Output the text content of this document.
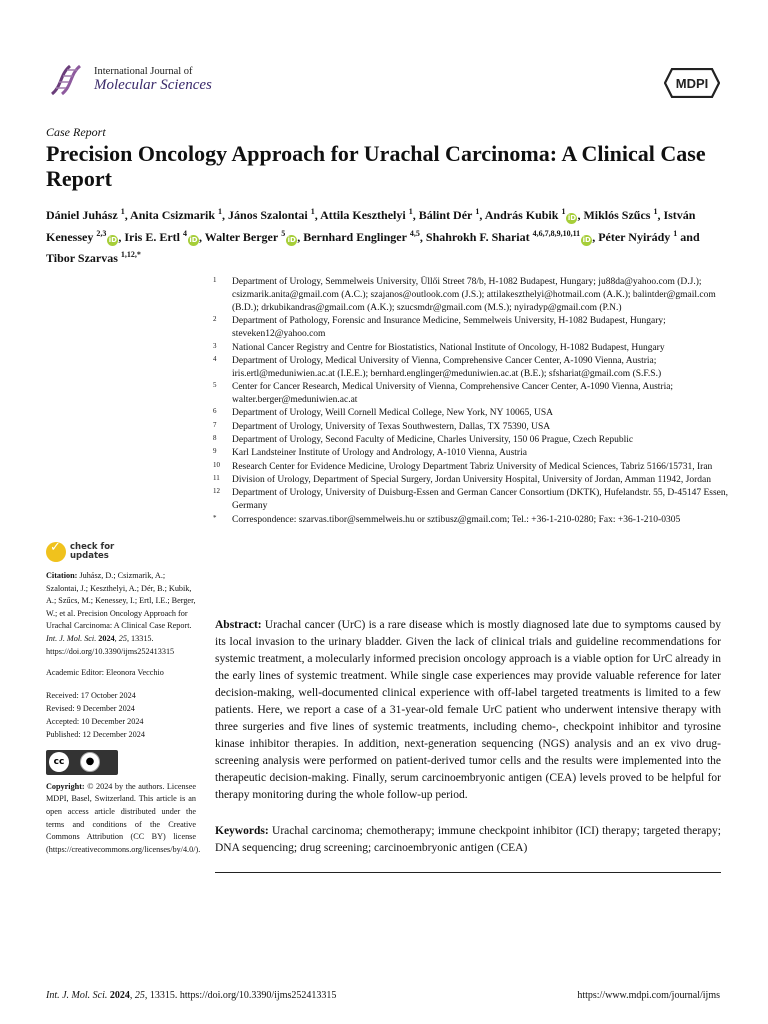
International Journal of
Molecular Sciences	MDPI
Case Report
Precision Oncology Approach for Urachal Carcinoma: A Clinical Case Report
Dániel Juhász $^1$, Anita Csizmarik $^1$, János Szalontai $^1$, Attila Keszthelyi $^1$, Bálint Dér $^1$, András Kubik $^1$iD, Miklós Szűcs $^1$, István Kenessey $^{2,3}$iD, Iris E. Ertl $^4$iD, Walter Berger $^5$iD, Bernhard Englinger $^{4,5}$, Shahrokh F. Shariat $^{4,6,7,8,9,10,11}$iD, Péter Nyirády $^1$ and Tibor Szarvas $^{1,12,*}$
1 Department of Urology, Semmelweis University, Üllői Street 78/b, H-1082 Budapest, Hungary; ju88da@yahoo.com (D.J.); csizmarik.anita@gmail.com (A.C.); szajanos@outlook.com (J.S.); attilakeszthelyi@hotmail.com (A.K.); balintder@gmail.com (B.D.); drkubikandras@gmail.com (A.K.); szucsmdr@gmail.com (M.S.); nyiradyp@gmail.com (P.N.)
2 Department of Pathology, Forensic and Insurance Medicine, Semmelweis University, H-1082 Budapest, Hungary; steveken12@yahoo.com
3 National Cancer Registry and Centre for Biostatistics, National Institute of Oncology, H-1082 Budapest, Hungary
4 Department of Urology, Medical University of Vienna, Comprehensive Cancer Center, A-1090 Vienna, Austria; iris.ertl@meduniwien.ac.at (I.E.E.); bernhard.englinger@meduniwien.ac.at (B.E.); sfshariat@gmail.com (S.F.S.)
5 Center for Cancer Research, Medical University of Vienna, Comprehensive Cancer Center, A-1090 Vienna, Austria; walter.berger@meduniwien.ac.at
6 Department of Urology, Weill Cornell Medical College, New York, NY 10065, USA
7 Department of Urology, University of Texas Southwestern, Dallas, TX 75390, USA
8 Department of Urology, Second Faculty of Medicine, Charles University, 150 06 Prague, Czech Republic
9 Karl Landsteiner Institute of Urology and Andrology, A-1010 Vienna, Austria
10 Research Center for Evidence Medicine, Urology Department Tabriz University of Medical Sciences, Tabriz 5166/15731, Iran
11 Division of Urology, Department of Special Surgery, Jordan University Hospital, University of Jordan, Amman 11942, Jordan
12 Department of Urology, University of Duisburg-Essen and German Cancer Consortium (DKTK), Hufelandstr. 55, D-45147 Essen, Germany
* Correspondence: szarvas.tibor@semmelweis.hu or sztibusz@gmail.com; Tel.: +36-1-210-0280; Fax: +36-1-210-0305
✓
check for
updates
Citation: Juhász, D.; Csizmarik, A.; Szalontai, J.; Keszthelyi, A.; Dér, B.; Kubik, A.; Szűcs, M.; Kenessey, I.; Ertl, I.E.; Berger, W.; et al. Precision Oncology Approach for Urachal Carcinoma: A Clinical Case Report. Int. J. Mol. Sci. 2024, 25, 13315. https://doi.org/10.3390/ijms252413315
Academic Editor: Eleonora Vecchio
Received: 17 October 2024
Revised: 9 December 2024
Accepted: 10 December 2024
Published: 12 December 2024
cc	●
BY
Copyright: © 2024 by the authors. Licensee MDPI, Basel, Switzerland. This article is an open access article distributed under the terms and conditions of the Creative Commons Attribution (CC BY) license (https://creativecommons.org/licenses/by/4.0/).
Abstract: Urachal cancer (UrC) is a rare disease which is mostly diagnosed late due to symptoms caused by its local invasion to the urinary bladder. Given the lack of clinical trials and guideline recommendations for systemic treatment, a molecularly informed precision oncology approach is a viable option for UrC already in the early lines of systemic treatment. While single case experiences may provide valuable reference for later decision-making, well-documented clinical experience with off-label targeted treatments is limited to a few patients. Here, we report a case of a 31-year-old female UrC patient who underwent intensive therapy with three surgeries and five lines of systemic treatments, including chemo-, checkpoint inhibitor and tyrosine kinase inhibitor therapies. In addition, next-generation sequencing (NGS) analysis and an ex vivo drug-screening analysis were performed on patient-derived tumor cells and the results were implemented into the therapeutic decision-making. Finally, serum carcinoembryonic antigen (CEA) levels proved to be helpful for therapy monitoring during the whole follow-up period.
Keywords: Urachal carcinoma; chemotherapy; immune checkpoint inhibitor (ICI) therapy; targeted therapy; DNA sequencing; drug screening; carcinoembryonic antigen (CEA)
Int. J. Mol. Sci. 2024, 25, 13315. https://doi.org/10.3390/ijms252413315	https://www.mdpi.com/journal/ijms
